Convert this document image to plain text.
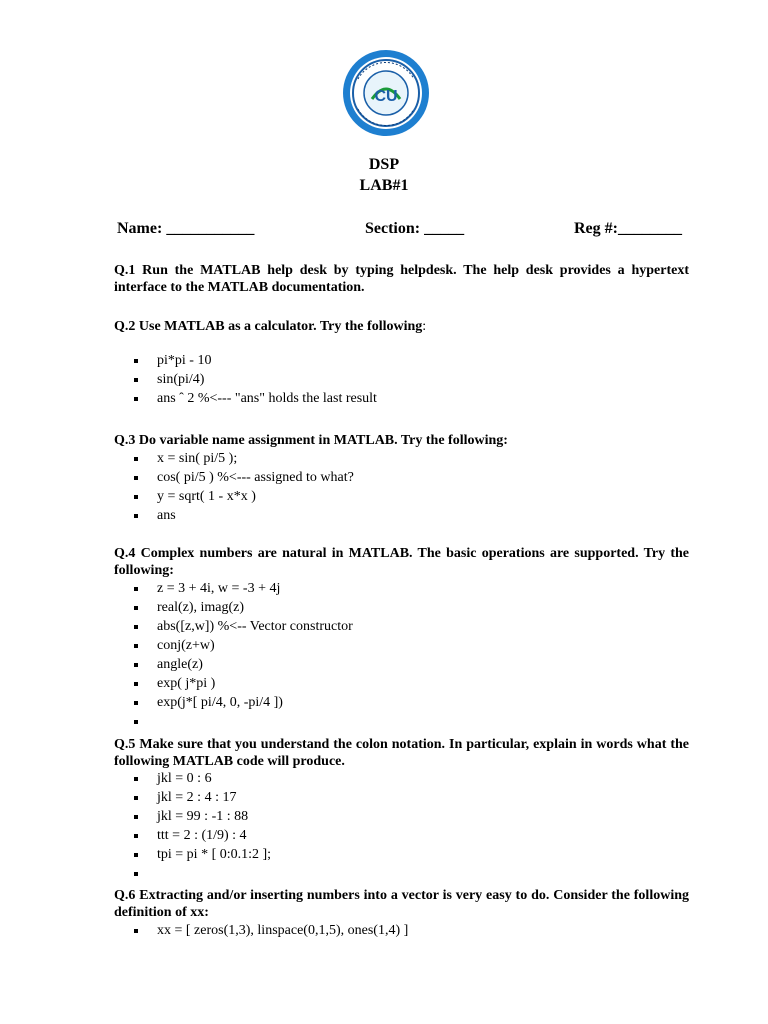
CU
DSP
LAB#1
Name: ___________	Section: _____	Reg #:________
Q.1 Run the MATLAB help desk by typing helpdesk. The help desk provides a hypertext interface to the MATLAB documentation.
Q.2 Use MATLAB as a calculator. Try the following:
pi*pi - 10
sin(pi/4)
ans ˆ 2 %<--- "ans" holds the last result
Q.3 Do variable name assignment in MATLAB. Try the following:
x = sin( pi/5 );
cos( pi/5 ) %<--- assigned to what?
y = sqrt( 1 - x*x )
ans
Q.4 Complex numbers are natural in MATLAB. The basic operations are supported. Try the following:
z = 3 + 4i, w = -3 + 4j
real(z), imag(z)
abs([z,w]) %<-- Vector constructor
conj(z+w)
angle(z)
exp( j*pi )
exp(j*[ pi/4, 0, -pi/4 ])
Q.5 Make sure that you understand the colon notation. In particular, explain in words what the following MATLAB code will produce.
jkl = 0 : 6
jkl = 2 : 4 : 17
jkl = 99 : -1 : 88
ttt = 2 : (1/9) : 4
tpi = pi * [ 0:0.1:2 ];
Q.6 Extracting and/or inserting numbers into a vector is very easy to do. Consider the following definition of xx:
xx = [ zeros(1,3), linspace(0,1,5), ones(1,4) ]
